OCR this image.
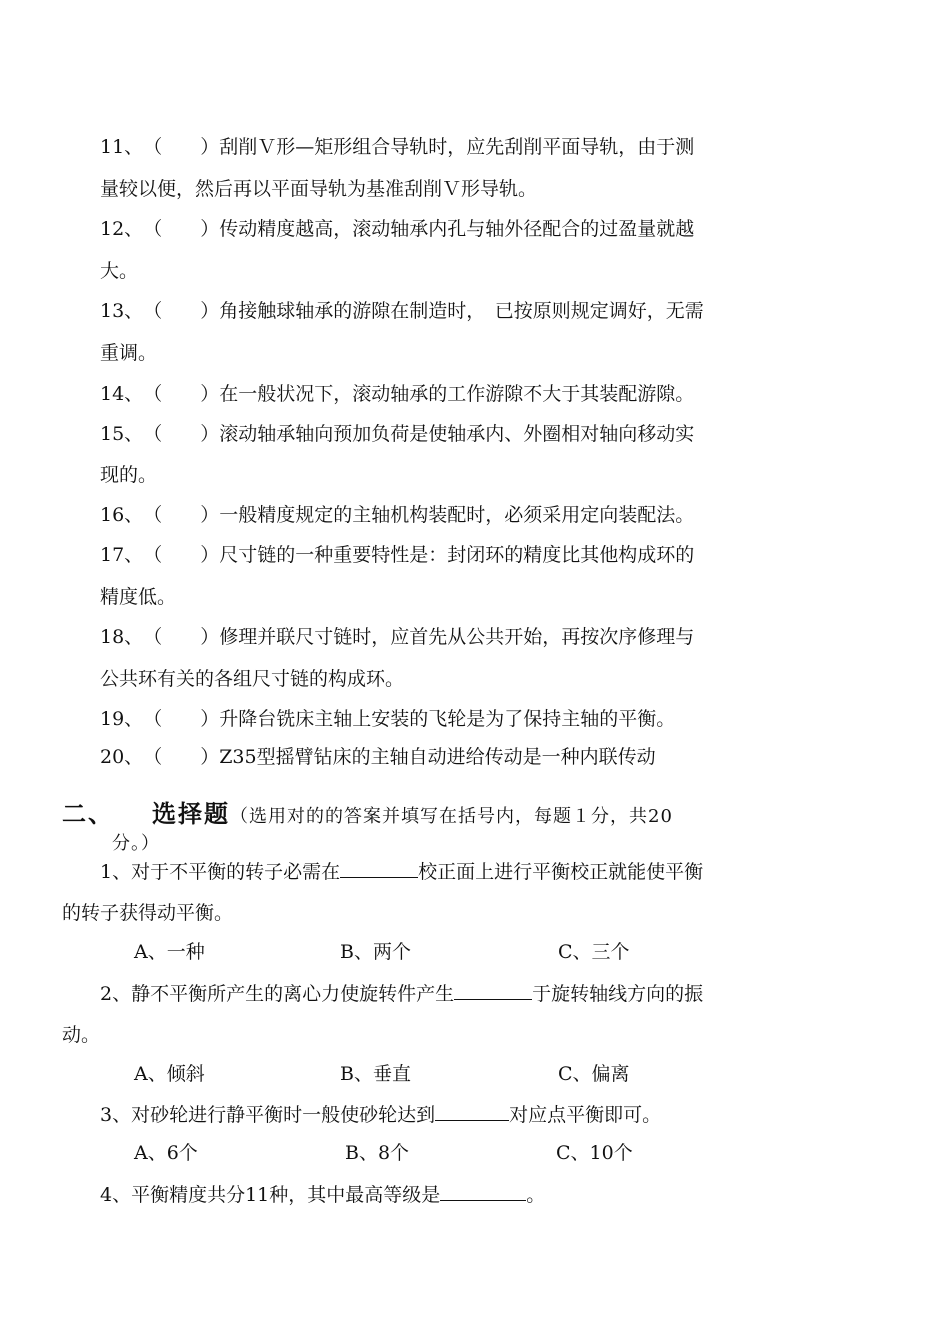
11、（　　）刮削Ｖ形—矩形组合导轨时，应先刮削平面导轨，由于测
量较以便，然后再以平面导轨为基准刮削Ｖ形导轨。
12、（　　）传动精度越高，滚动轴承内孔与轴外径配合的过盈量就越
大。
13、（　　）角接触球轴承的游隙在制造时，　已按原则规定调好，无需
重调。
14、（　　）在一般状况下，滚动轴承的工作游隙不大于其装配游隙。
15、（　　）滚动轴承轴向预加负荷是使轴承内、外圈相对轴向移动实
现的。
16、（　　）一般精度规定的主轴机构装配时，必须采用定向装配法。
17、（　　）尺寸链的一种重要特性是：封闭环的精度比其他构成环的
精度低。
18、（　　）修理并联尺寸链时，应首先从公共开始，再按次序修理与
公共环有关的各组尺寸链的构成环。
19、（　　）升降台铣床主轴上安装的飞轮是为了保持主轴的平衡。
20、（　　）Z35型摇臂钻床的主轴自动进给传动是一种内联传动
二、 选择题（选用对的的答案并填写在括号内，每题１分，共20
分。）
1、对于不平衡的转子必需在	校正面上进行平衡校正就能使平衡
的转子获得动平衡。
A、一种	B、两个	C、三个
2、静不平衡所产生的离心力使旋转件产生	于旋转轴线方向的振
动。
A、倾斜	B、垂直	C、偏离
3、对砂轮进行静平衡时一般使砂轮达到	对应点平衡即可。
A、6个	B、8个	C、10个
4、平衡精度共分11种，其中最高等级是	。
